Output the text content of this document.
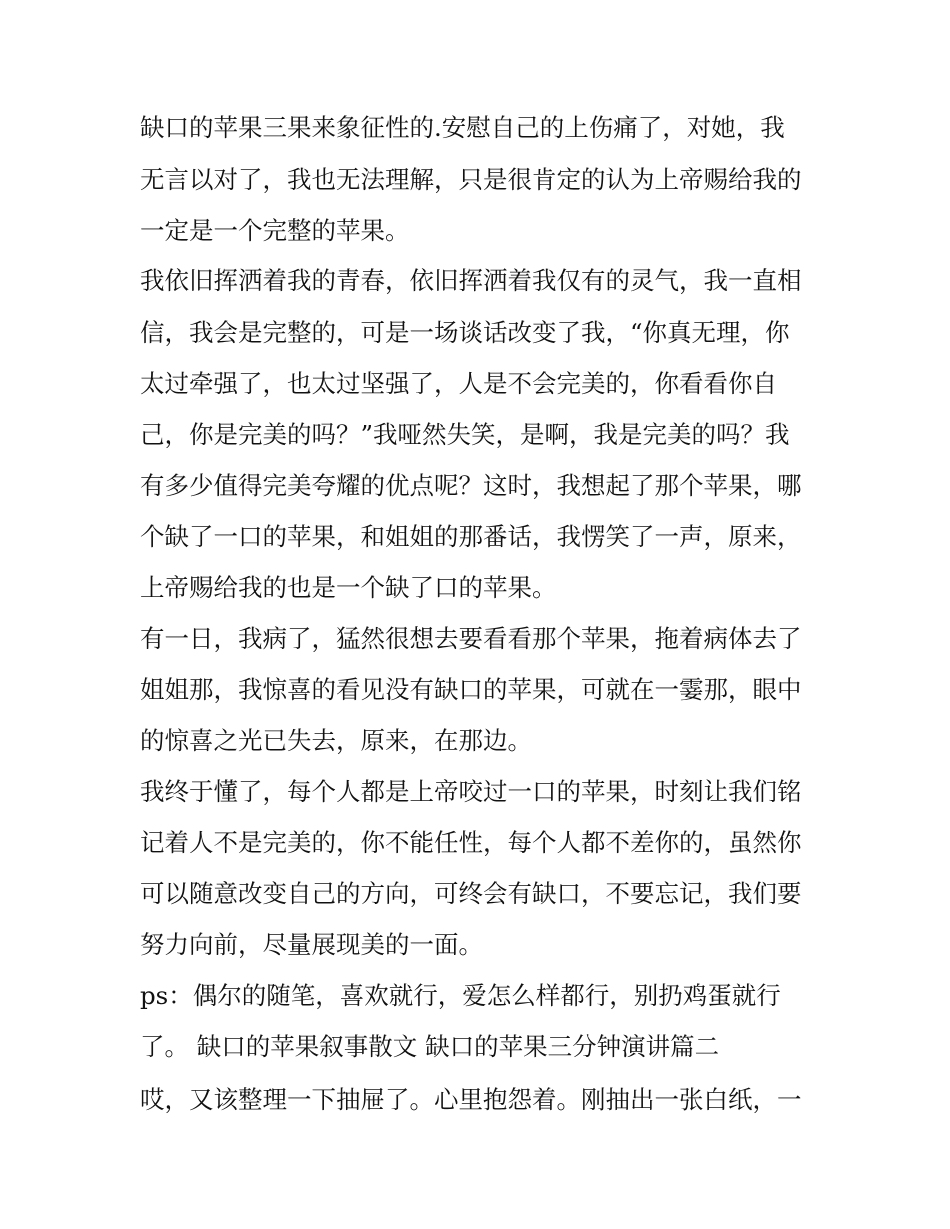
缺口的苹果三果来象征性的.安慰自己的上伤痛了，对她，我
无言以对了，我也无法理解，只是很肯定的认为上帝赐给我的
一定是一个完整的苹果。
我依旧挥洒着我的青春，依旧挥洒着我仅有的灵气，我一直相
信，我会是完整的，可是一场谈话改变了我，“你真无理，你
太过牵强了，也太过坚强了，人是不会完美的，你看看你自
己，你是完美的吗？”我哑然失笑，是啊，我是完美的吗？我
有多少值得完美夸耀的优点呢？这时，我想起了那个苹果，哪
个缺了一口的苹果，和姐姐的那番话，我愣笑了一声，原来，
上帝赐给我的也是一个缺了口的苹果。
有一日，我病了，猛然很想去要看看那个苹果，拖着病体去了
姐姐那，我惊喜的看见没有缺口的苹果，可就在一霎那，眼中
的惊喜之光已失去，原来，在那边。
我终于懂了，每个人都是上帝咬过一口的苹果，时刻让我们铭
记着人不是完美的，你不能任性，每个人都不差你的，虽然你
可以随意改变自己的方向，可终会有缺口，不要忘记，我们要
努力向前，尽量展现美的一面。
ps：偶尔的随笔，喜欢就行，爱怎么样都行，别扔鸡蛋就行
了。 缺口的苹果叙事散文 缺口的苹果三分钟演讲篇二
哎，又该整理一下抽屉了。心里抱怨着。刚抽出一张白纸，一
